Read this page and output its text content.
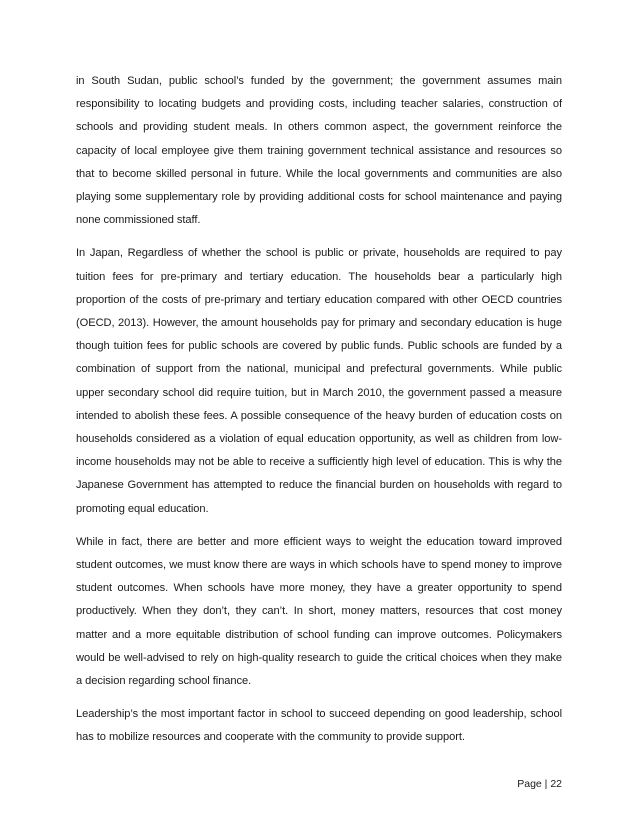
in South Sudan, public school’s funded by the government; the government assumes main responsibility to locating budgets and providing costs, including teacher salaries, construction of schools and providing student meals. In others common aspect, the government reinforce the capacity of local employee give them training government technical assistance and resources so that to become skilled personal in future. While the local governments and communities are also playing some supplementary role by providing additional costs for school maintenance and paying none commissioned staff.

In Japan, Regardless of whether the school is public or private, households are required to pay tuition fees for pre-primary and tertiary education. The households bear a particularly high proportion of the costs of pre-primary and tertiary education compared with other OECD countries (OECD, 2013). However, the amount households pay for primary and secondary education is huge though tuition fees for public schools are covered by public funds. Public schools are funded by a combination of support from the national, municipal and prefectural governments. While public upper secondary school did require tuition, but in March 2010, the government passed a measure intended to abolish these fees. A possible consequence of the heavy burden of education costs on households considered as a violation of equal education opportunity, as well as children from low-income households may not be able to receive a sufficiently high level of education. This is why the Japanese Government has attempted to reduce the financial burden on households with regard to promoting equal education.

While in fact, there are better and more efficient ways to weight the education toward improved student outcomes, we must know there are ways in which schools have to spend money to improve student outcomes. When schools have more money, they have a greater opportunity to spend productively. When they don’t, they can’t. In short, money matters, resources that cost money matter and a more equitable distribution of school funding can improve outcomes. Policymakers would be well-advised to rely on high-quality research to guide the critical choices when they make a decision regarding school finance.

Leadership’s the most important factor in school to succeed depending on good leadership, school has to mobilize resources and cooperate with the community to provide support.

Page | 22
